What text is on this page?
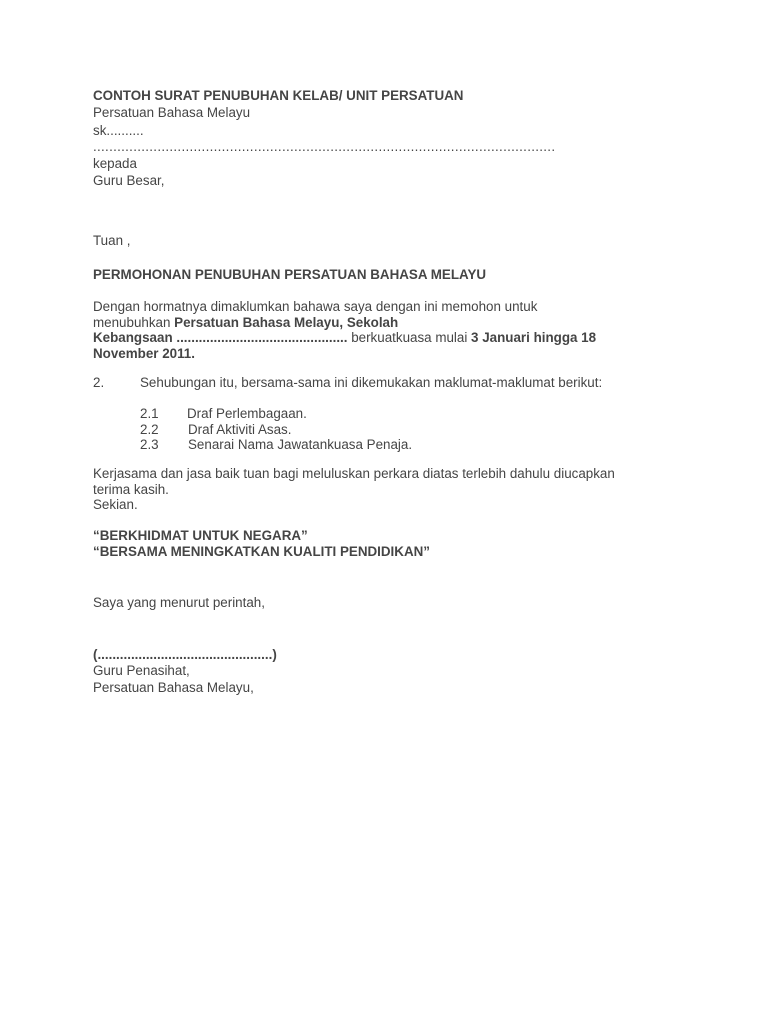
CONTOH SURAT PENUBUHAN KELAB/ UNIT PERSATUAN

Persatuan Bahasa Melayu

sk..........

...................................................................................................................

kepada

Guru Besar,

Tuan ,

PERMOHONAN PENUBUHAN PERSATUAN BAHASA MELAYU

Dengan hormatnya dimaklumkan bahawa saya dengan ini memohon untuk

menubuhkan Persatuan Bahasa Melayu, Sekolah

Kebangsaan .............................................. berkuatkuasa mulai 3 Januari hingga 18

November 2011.

2.	Sehubungan itu, bersama-sama ini dikemukakan maklumat-maklumat berikut:

2.1 Draf Perlembagaan.

2.2 Draf Aktiviti Asas.

2.3 Senarai Nama Jawatankuasa Penaja.

Kerjasama dan jasa baik tuan bagi meluluskan perkara diatas terlebih dahulu diucapkan

terima kasih.

Sekian.

“BERKHIDMAT UNTUK NEGARA”

“BERSAMA MENINGKATKAN KUALITI PENDIDIKAN”

Saya yang menurut perintah,

(...............................................)

Guru Penasihat,

Persatuan Bahasa Melayu,
